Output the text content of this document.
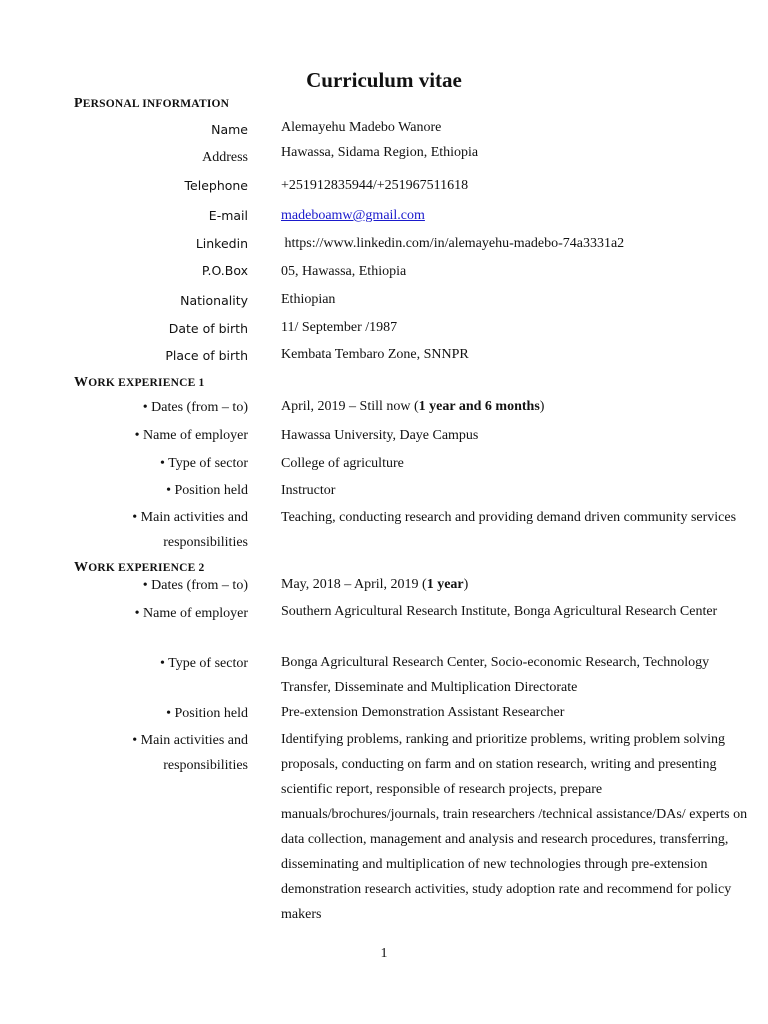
Curriculum vitae
PERSONAL INFORMATION
Name Alemayehu Madebo Wanore
Address Hawassa, Sidama Region, Ethiopia
Telephone +251912835944/+251967511618
E-mail madeboamw@gmail.com
Linkedin https://www.linkedin.com/in/alemayehu-madebo-74a3331a2
P.O.Box 05, Hawassa, Ethiopia
Nationality Ethiopian
Date of birth 11/ September /1987
Place of birth Kembata Tembaro Zone, SNNPR
WORK EXPERIENCE 1
• Dates (from – to) April, 2019 – Still now (1 year and 6 months)
• Name of employer Hawassa University, Daye Campus
• Type of sector College of agriculture
• Position held Instructor
• Main activities and
responsibilities
Teaching, conducting research and providing demand driven community services
WORK EXPERIENCE 2
• Dates (from – to) May, 2018 – April, 2019 (1 year)
• Name of employer Southern Agricultural Research Institute, Bonga Agricultural Research Center
• Type of sector Bonga Agricultural Research Center, Socio-economic Research, Technology Transfer, Disseminate and Multiplication Directorate
• Position held Pre-extension Demonstration Assistant Researcher
• Main activities and
responsibilities
Identifying problems, ranking and prioritize problems, writing problem solving proposals, conducting on farm and on station research, writing and presenting scientific report, responsible of research projects, prepare manuals/brochures/journals, train researchers /technical assistance/DAs/ experts on data collection, management and analysis and research procedures, transferring, disseminating and multiplication of new technologies through pre-extension demonstration research activities, study adoption rate and recommend for policy makers
1
